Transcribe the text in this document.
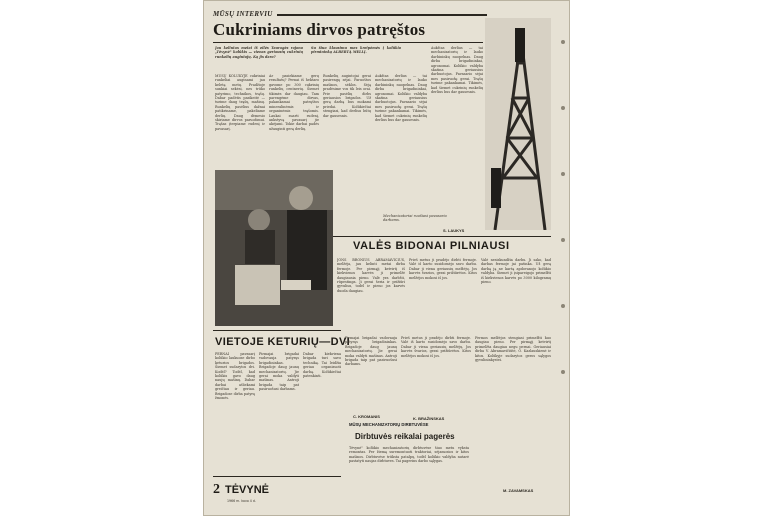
MŪSŲ INTERVIU
Cukriniams dirvos patręštos
Jau kelintas metai iš eilės Tauragės rajono „Tėvynė" kolūkis — vienas geriausių cukrinių runkelių augintojų. Ką jis daro?
Su šiuo klausimu mes kreipėmės į kolūkio pirmininką ALBERTĄ MELLĮ.
MŪSŲ KOLŪKYJE cukriniai runkeliai auginami jau keletą metų. Pradžioje sunkiai sekėsi, nes trūko patyrimo, technikos, trąšų. Dabar padėtis pasikeitė — turime daug trąšų, mašinų. Runkelių pasėlius dažnai patikriname, pakeliame derlių. Daug dėmesio skiriame dirvos paruošimui. Trąšas įterpiame rudenį ir pavasarį.
Ar pasiekiame gerų rezultatų? Pernai iš hektaro gavome po 300 cukrinių runkelių centnerių. Šiemet tikimės dar daugiau. Tam parengėme dirvas, pakankamai patręštos mineralinėmis ir organinėmis trąšomis. Laukai suarti rudenį, ankstyvą pavasarį jie akėjami. Tokie darbai padės užauginti gerą derlių.
Runkelių augintojai gerai pasirengę sėjai. Paruoštos mašinos, sėklos. Sėją pradėsime vos tik leis orai. Prie pasėlių dirbs geriausios brigados. Už gerą darbą bus mokami priedai. Kolūkiečiai stengiasi, kad derlius būtų dar gausesnis.
Aukštas derlius — tai mechanizatorių ir lauko darbininkų nuopelnas. Daug dirba brigadininkai, agronomai. Kolūkio valdyba skatina geriausius darbuotojus. Pavasario sėjai mes pasiruošę gerai. Trąšų turime pakankamai. Tikimės, kad šiemet cukrinių runkelių derlius bus dar gausesnis.
Aukštas derlius — tai mechanizatorių ir lauko darbininkų nuopelnas. Daug dirba brigadininkai, agronomai. Kolūkio valdyba skatina geriausius darbuotojus. Pavasario sėjai mes pasiruošę gerai. Trąšų turime pakankamai. Tikimės, kad šiemet cukrinių runkelių derlius bus dar gausesnis.
Mechanizatoriai ruošiasi pavasario darbams.
S. LAUKYS
VALĖS BIDONAI PILNIAUSI
JONS BRONIUS ABRAMAVIČIUS, melžėja, jau kelinti metai dirba fermoje. Per pirmąjį ketvirtį iš kiekvienos karvės ji primelžė daugiausia pieno. Valė yra darbšti, rūpestinga. Ji gerai šeria ir prižiūri gyvulius, todėl ir pieno jos karvės duoda daugiau.
Prieš metus ji pradėjo dirbti fermoje. Valė iš karto susidomėjo savo darbu. Dabar ji viena geriausių melžėjų. Jos karvės švarios, gerai prižiūrėtos. Kitos melžėjos mokosi iš jos.
Valė nesiskundžia darbu. Ji sako, kad darbas fermoje jai patinka. Už gerą darbą ją ne kartą apdovanojo kolūkio valdyba. Šiemet ji įsipareigojo primelžti iš kiekvienos karvės po 3000 kilogramų pieno.
VIETOJE KETURIŲ—DVI
PERNAI pavasarį kolūkio laukuose dirbo keturios brigados. Šiemet sudarytos dvi. Kodėl? Todėl, kad kolūkis gavo daug naujų mašinų. Dabar darbai atliekami greičiau ir geriau. Brigadose dirba patyrę žmonės.
Pirmajai brigadai vadovauja patyręs brigadininkas. Brigadoje daug jaunų mechanizatorių. Jie gerai moka valdyti mašinas. Antroji brigada taip pat pasiruošusi darbams.
Dabar kiekviena brigada turi savo techniką. Tai leidžia geriau organizuoti darbą. Kolūkiečiai patenkinti.
Pirmajai brigadai vadovauja patyręs brigadininkas. Brigadoje daug jaunų mechanizatorių. Jie gerai moka valdyti mašinas. Antroji brigada taip pat pasiruošusi darbams.
C. KROMANIS
MŪSŲ MECHANIZATORIŲ DIRBTUVĖSE
Dirbtuvės reikalai pagerės
Tėvynė" kolūkio mechanizatorių dirbtuvėse šiuo metu vyksta remontas. Per žiemą suremontuoti traktoriai, sėjamosios ir kitos mašinos. Dirbtuvėse trūksta patalpų, todėl kolūkio valdyba nutarė pastatyti naujas dirbtuves. Tai pagerins darbo sąlygas.
Prieš metus ji pradėjo dirbti fermoje. Valė iš karto susidomėjo savo darbu. Dabar ji viena geriausių melžėjų. Jos karvės švarios, gerai prižiūrėtos. Kitos melžėjos mokosi iš jos.
K. BRAŽINSKAS
Fermos melžėjos stengiasi primelžti kuo daugiau pieno. Per pirmąjį ketvirtį primelžta daugiau negu pernai. Geriausiai dirba V. Abramavičiūtė, O. Kazlauskienė ir kitos. Kolūkyje sudarytos geros sąlygos gyvulininkystei.
M. ZAVAMSKAS
2 TĖVYNĖ
1966 m. kovo 4 d.
